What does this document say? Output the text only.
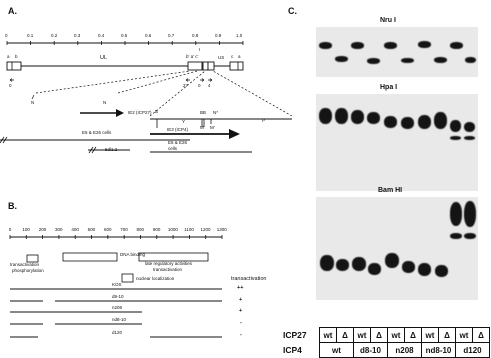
A.
0	0.1	0.2	0.3	0.4	0.5	0.6	0.7	0.8	0.9	1.0
a b	UL
I
b' a' c'	US c a
0	27 0 4
N	N
IE2 (ICP27)
E5 & E26 cells
5dl1.2
B
Y
BB N*
M M'
P
IE3 (ICP4)
E5 & E26
cells
B.
0 100 200 300 400 500 600 700 800 900 1000 1100 1200 1300
DNA binding
late regulatory activities
transactivation
transactivation
phosphorylation
nuclear localization	transactivation
KOS
++
d8-10
+
n208
+
nd8-10
-
d120	-
C.
Nru I
Hpa I
Bam HI
ICP27	wt	Δ	wt	Δ	wt	Δ	wt	Δ	wt	Δ
ICP4	wt		d8-10		n208		nd8-10		d120	
